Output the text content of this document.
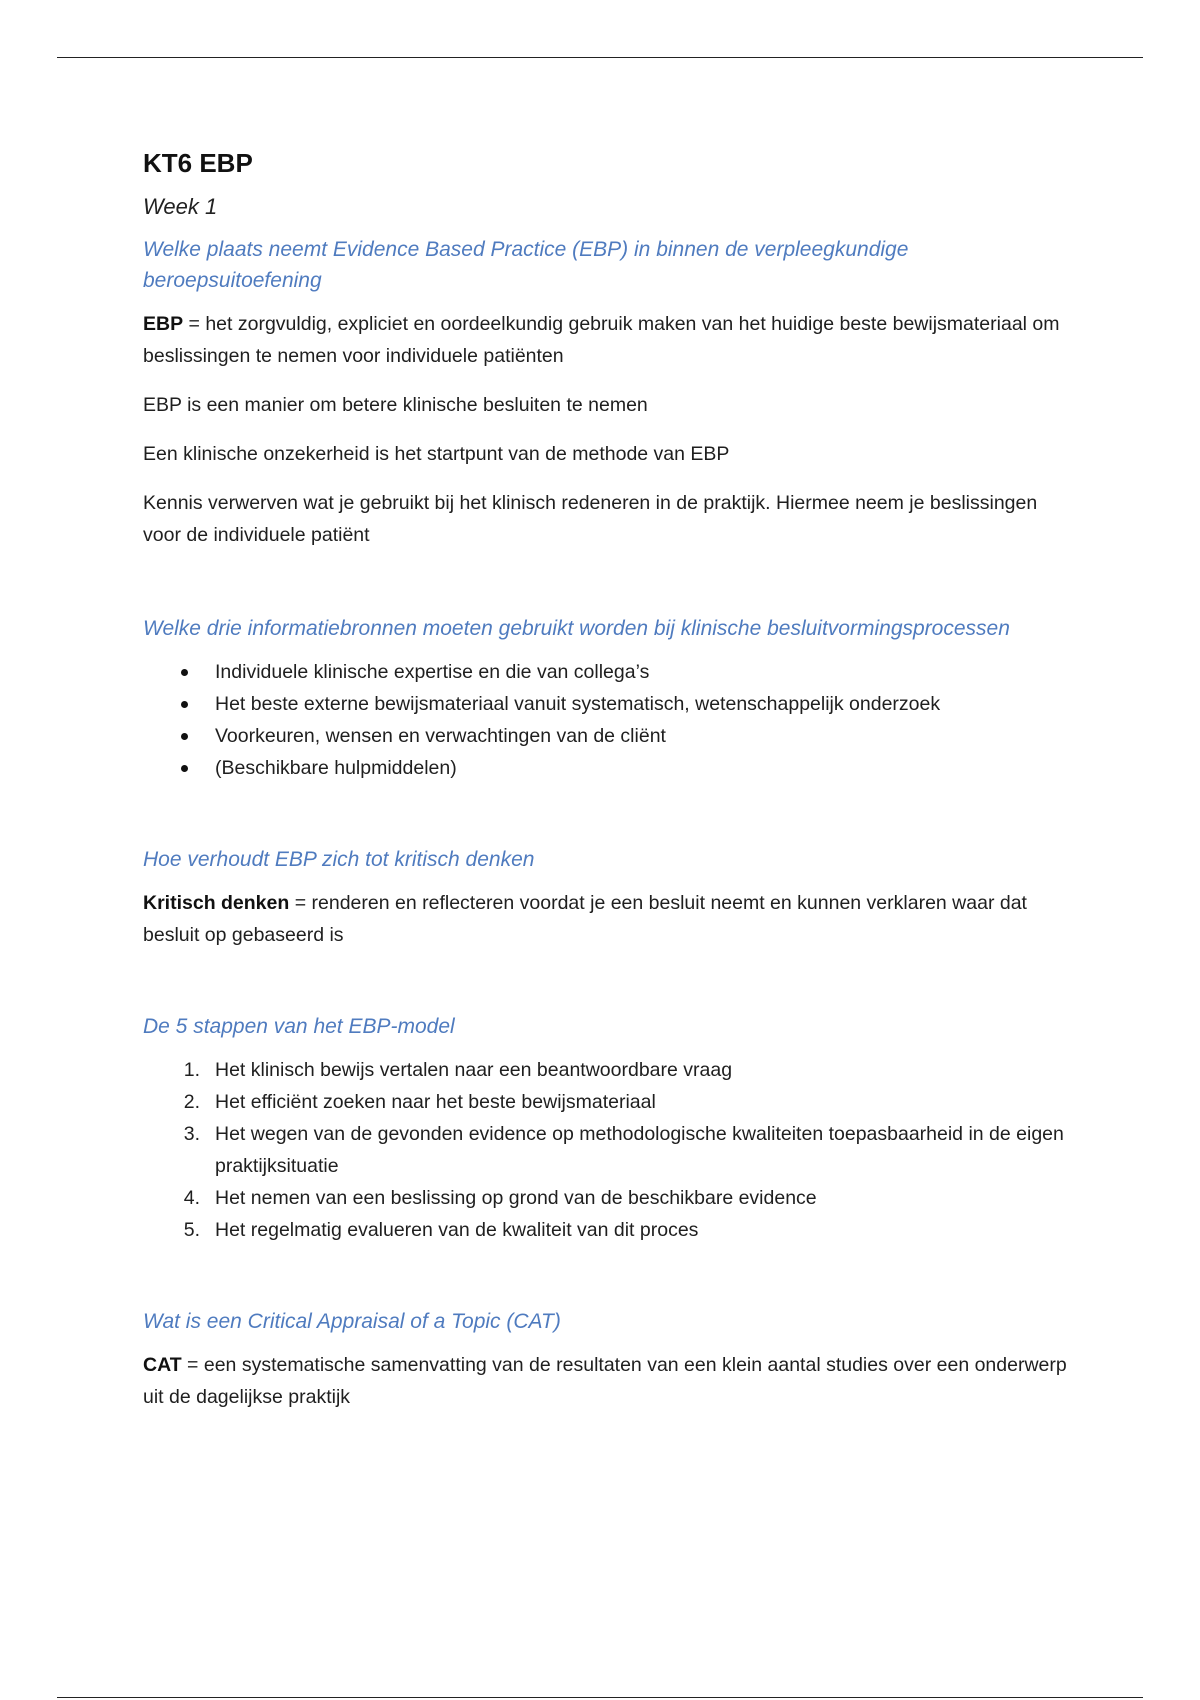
KT6 EBP
Week 1
Welke plaats neemt Evidence Based Practice (EBP) in binnen de verpleegkundige beroepsuitoefening
EBP = het zorgvuldig, expliciet en oordeelkundig gebruik maken van het huidige beste bewijsmateriaal om beslissingen te nemen voor individuele patiënten
EBP is een manier om betere klinische besluiten te nemen
Een klinische onzekerheid is het startpunt van de methode van EBP
Kennis verwerven wat je gebruikt bij het klinisch redeneren in de praktijk. Hiermee neem je beslissingen voor de individuele patiënt
Welke drie informatiebronnen moeten gebruikt worden bij klinische besluitvormingsprocessen
Individuele klinische expertise en die van collega’s
Het beste externe bewijsmateriaal vanuit systematisch, wetenschappelijk onderzoek
Voorkeuren, wensen en verwachtingen van de cliënt
(Beschikbare hulpmiddelen)
Hoe verhoudt EBP zich tot kritisch denken
Kritisch denken = renderen en reflecteren voordat je een besluit neemt en kunnen verklaren waar dat besluit op gebaseerd is
De 5 stappen van het EBP-model
1. Het klinisch bewijs vertalen naar een beantwoordbare vraag
2. Het efficiënt zoeken naar het beste bewijsmateriaal
3. Het wegen van de gevonden evidence op methodologische kwaliteiten toepasbaarheid in de eigen praktijksituatie
4. Het nemen van een beslissing op grond van de beschikbare evidence
5. Het regelmatig evalueren van de kwaliteit van dit proces
Wat is een Critical Appraisal of a Topic (CAT)
CAT = een systematische samenvatting van de resultaten van een klein aantal studies over een onderwerp uit de dagelijkse praktijk
